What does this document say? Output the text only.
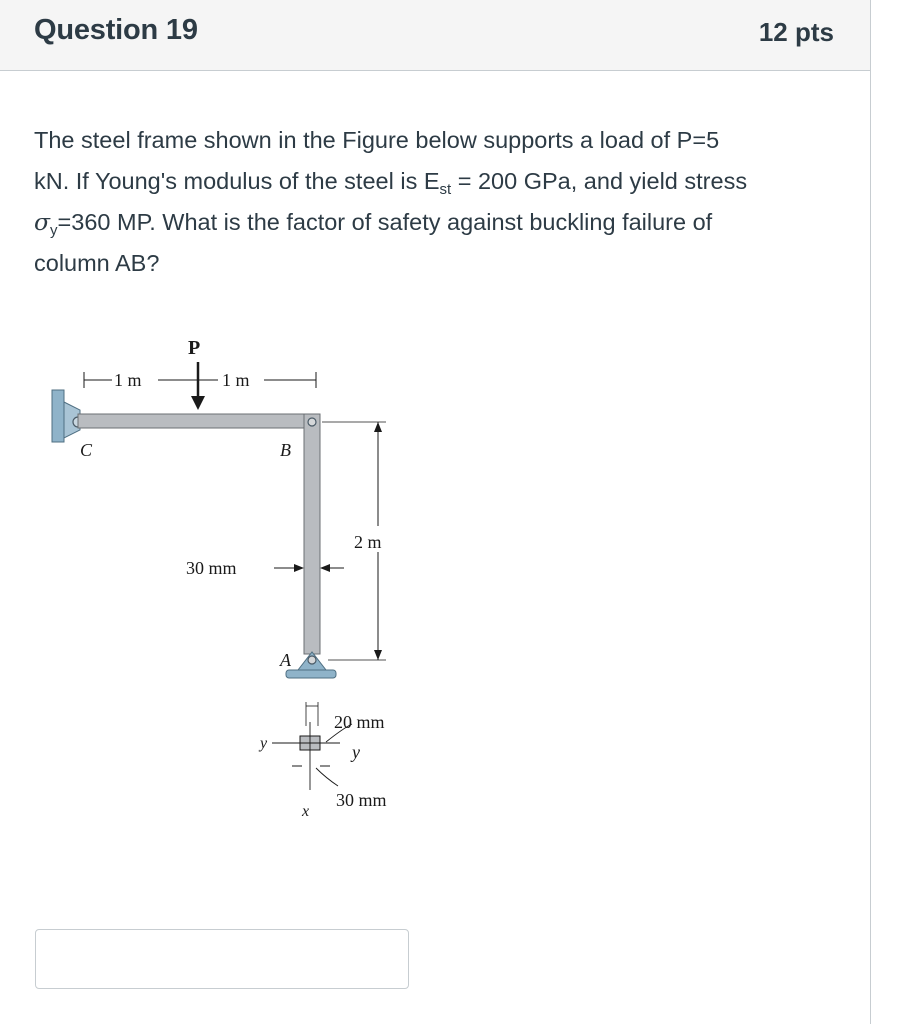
Question 19	12 pts
The steel frame shown in the Figure below supports a load of P=5
kN. If Young's modulus of the steel is $E_{st} = 200$ GPa, and yield stress
$\sigma_y=360$ MP. What is the factor of safety against buckling failure of
column AB?
P
1 m	1 m
C	B
A
2 m
30 mm
20 mm
y
y
30 mm
x
